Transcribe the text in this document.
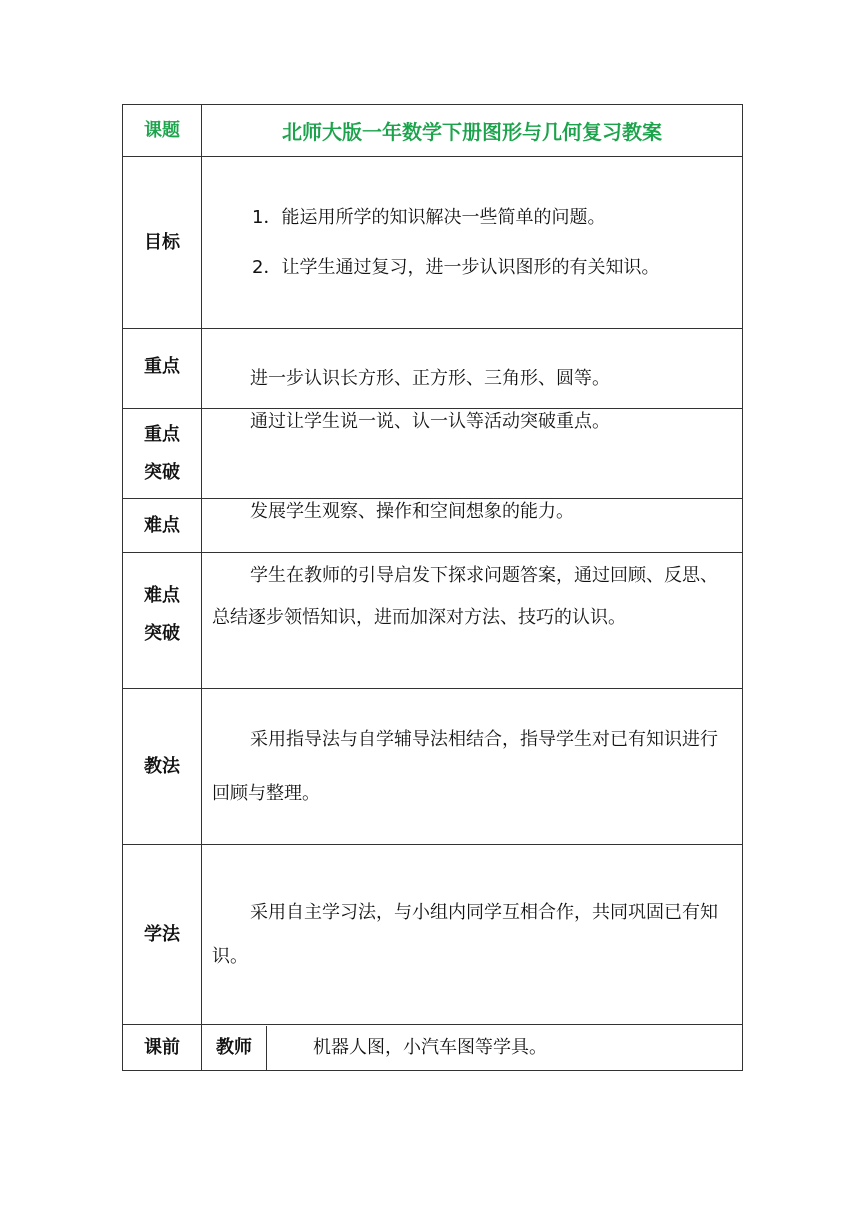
课题	北师大版一年数学下册图形与几何复习教案
目标	1．能运用所学的知识解决一些简单的问题。

2．让学生通过复习，进一步认识图形的有关知识。

重点	进一步认识长方形、正方形、三角形、圆等。

重点
突破	通过让学生说一说、认一认等活动突破重点。

难点	发展学生观察、操作和空间想象的能力。

难点
突破	学生在教师的引导启发下探求问题答案，通过回顾、反思、总结逐步领悟知识，进而加深对方法、技巧的认识。

教法	采用指导法与自学辅导法相结合，指导学生对已有知识进行回顾与整理。

学法	采用自主学习法，与小组内同学互相合作，共同巩固已有知识。

课前	教师 机器人图，小汽车图等学具。
